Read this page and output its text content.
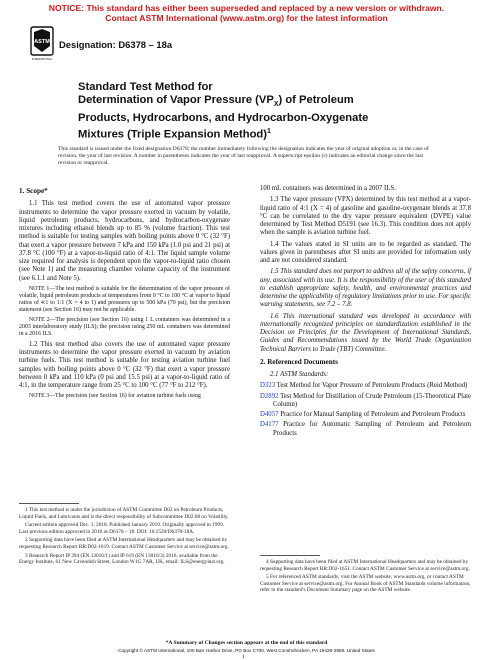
NOTICE: This standard has either been superseded and replaced by a new version or withdrawn.
Contact ASTM International (www.astm.org) for the latest information
ASTM
INTERNATIONAL
Designation: D6378 – 18a
Standard Test Method for
Determination of Vapor Pressure $(VP_X)$ of Petroleum
Products, Hydrocarbons, and Hydrocarbon-Oxygenate
Mixtures (Triple Expansion Method)$^1$
This standard is issued under the fixed designation D6378; the number immediately following the designation indicates the year of original adoption or, in the case of revision, the year of last revision. A number in parentheses indicates the year of last reapproval. A superscript epsilon (ε) indicates an editorial change since the last revision or reapproval.
1. Scope*

1.1 This test method covers the use of automated vapor pressure instruments to determine the vapor pressure exerted in vacuum by volatile, liquid petroleum products, hydrocarbons, and hydrocarbon-oxygenate mixtures including ethanol blends up to 85 % (volume fraction). This test method is suitable for testing samples with boiling points above 0 °C (32 °F) that exert a vapor pressure between 7 kPa and 150 kPa (1.0 psi and 21 psi) at 37.8 °C (100 °F) at a vapor-to-liquid ratio of 4:1. The liquid sample volume size required for analysis is dependent upon the vapor-to-liquid ratio chosen (see Note 1) and the measuring chamber volume capacity of the instrument (see 6.1.1 and Note 5).

NOTE 1—The test method is suitable for the determination of the vapor pressure of volatile, liquid petroleum products at temperatures from 0 °C to 100 °C at vapor to liquid ratios of 4:1 to 1:1 (X = 4 to 1) and pressures up to 500 kPa (70 psi), but the precision statement (see Section 16) may not be applicable.

NOTE 2—The precision (see Section 16) using 1 L containers was determined in a 2003 interlaboratory study (ILS); the precision using 250 mL containers was determined in a 2016 ILS.

1.2 This test method also covers the use of automated vapor pressure instruments to determine the vapor pressure exerted in vacuum by aviation turbine fuels. This test method is suitable for testing aviation turbine fuel samples with boiling points above 0 °C (32 °F) that exert a vapor pressure between 0 kPa and 110 kPa (0 psi and 15.5 psi) at a vapor-to-liquid ratio of 4:1, in the temperature range from 25 °C to 100 °C (77 °F to 212 °F).

NOTE 3—The precision (see Section 16) for aviation turbine fuels using

1 This test method is under the jurisdiction of ASTM Committee D02 on Petroleum Products, Liquid Fuels, and Lubricants and is the direct responsibility of Subcommittee D02.08 on Volatility.

Current edition approved Dec. 1, 2018. Published January 2019. Originally approved in 1999. Last previous edition approved in 2018 as D6378 – 18. DOI: 10.1520/D6378-18A.

2 Supporting data have been filed at ASTM International Headquarters and may be obtained by requesting Research Report RR:D02-1619. Contact ASTM Customer Service at service@astm.org.

3 Research Report IP 394 (EN 13016/1) and IP 619 (EN 13016/3) 2016, available from the Energy Institute, 61 New Cavendish Street, London W1G 7AR, UK, email: ILS@energyinst.org.

100 mL containers was determined in a 2007 ILS.

1.3 The vapor pressure (VPX) determined by this test method at a vapor-liquid ratio of 4:1 (X = 4) of gasoline and gasoline-oxygenate blends at 37.8 °C can be correlated to the dry vapor pressure equivalent (DVPE) value determined by Test Method D5191 (see 16.3). This condition does not apply when the sample is aviation turbine fuel.

1.4 The values stated in SI units are to be regarded as standard. The values given in parentheses after SI units are provided for information only and are not considered standard.

1.5 This standard does not purport to address all of the safety concerns, if any, associated with its use. It is the responsibility of the user of this standard to establish appropriate safety, health, and environmental practices and determine the applicability of regulatory limitations prior to use. For specific warning statements, see 7.2 – 7.8.

1.6 This international standard was developed in accordance with internationally recognized principles on standardization established in the Decision on Principles for the Development of International Standards, Guides and Recommendations issued by the World Trade Organization Technical Barriers to Trade (TBT) Committee.

2. Referenced Documents

2.1 ASTM Standards:

D323 Test Method for Vapor Pressure of Petroleum Products (Reid Method)
D2892 Test Method for Distillation of Crude Petroleum (15-Theoretical Plate Column)
D4057 Practice for Manual Sampling of Petroleum and Petroleum Products
D4177 Practice for Automatic Sampling of Petroleum and Petroleum Products

4 Supporting data have been filed at ASTM International Headquarters and may be obtained by requesting Research Report RR:D02-1651. Contact ASTM Customer Service at service@astm.org.

5 For referenced ASTM standards, visit the ASTM website, www.astm.org, or contact ASTM Customer Service at service@astm.org. For Annual Book of ASTM Standards volume information, refer to the standard's Document Summary page on the ASTM website.

*A Summary of Changes section appears at the end of this standard
Copyright © ASTM International, 100 Barr Harbor Drive, PO Box C700, West Conshohocken, PA 19428-2959. United States
1
